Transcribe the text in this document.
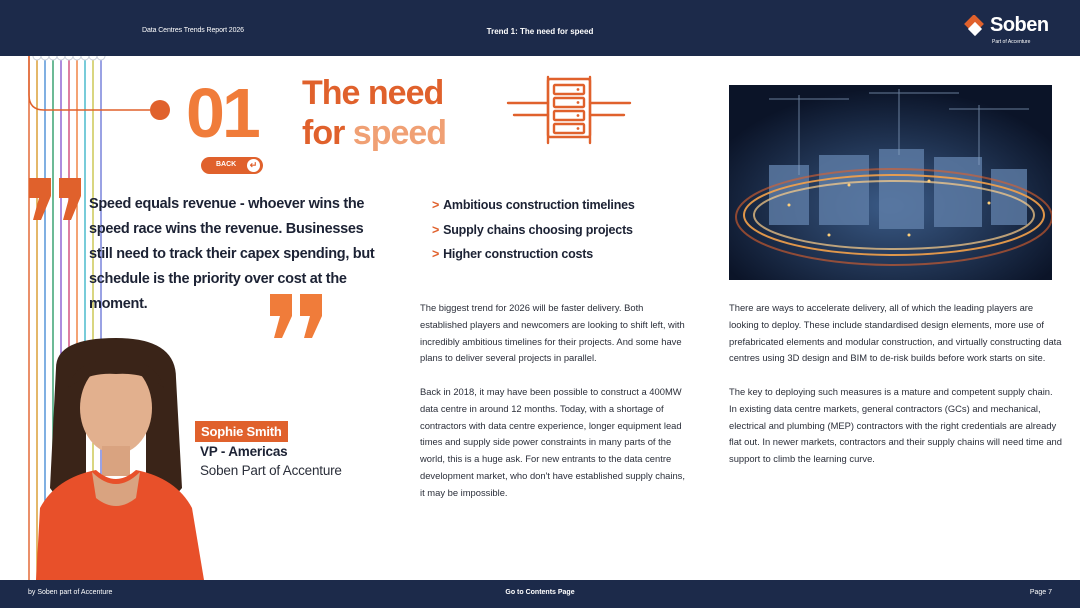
Data Centres Trends Report 2026	Trend 1: The need for speed	Soben
Part of Accenture
01 The need
for speed
BACK	↵
Speed equals revenue - whoever wins the speed race wins the revenue. Businesses still need to track their capex spending, but schedule is the priority over cost at the moment.
Sophie Smith
VP - Americas
Soben Part of Accenture
> Ambitious construction timelines
> Supply chains choosing projects
> Higher construction costs

The biggest trend for 2026 will be faster delivery. Both established players and newcomers are looking to shift left, with incredibly ambitious timelines for their projects. And some have plans to deliver several projects in parallel.

Back in 2018, it may have been possible to construct a 400MW data centre in around 12 months. Today, with a shortage of contractors with data centre experience, longer equipment lead times and supply side power constraints in many parts of the world, this is a huge ask. For new entrants to the data centre development market, who don't have established supply chains, it may be impossible.

There are ways to accelerate delivery, all of which the leading players are looking to deploy. These include standardised design elements, more use of prefabricated elements and modular construction, and virtually constructing data centres using 3D design and BIM to de-risk builds before work starts on site.

The key to deploying such measures is a mature and competent supply chain. In existing data centre markets, general contractors (GCs) and mechanical, electrical and plumbing (MEP) contractors with the right credentials are already flat out. In newer markets, contractors and their supply chains will need time and support to climb the learning curve.

by Soben part of Accenture	Go to Contents Page	Page 7
